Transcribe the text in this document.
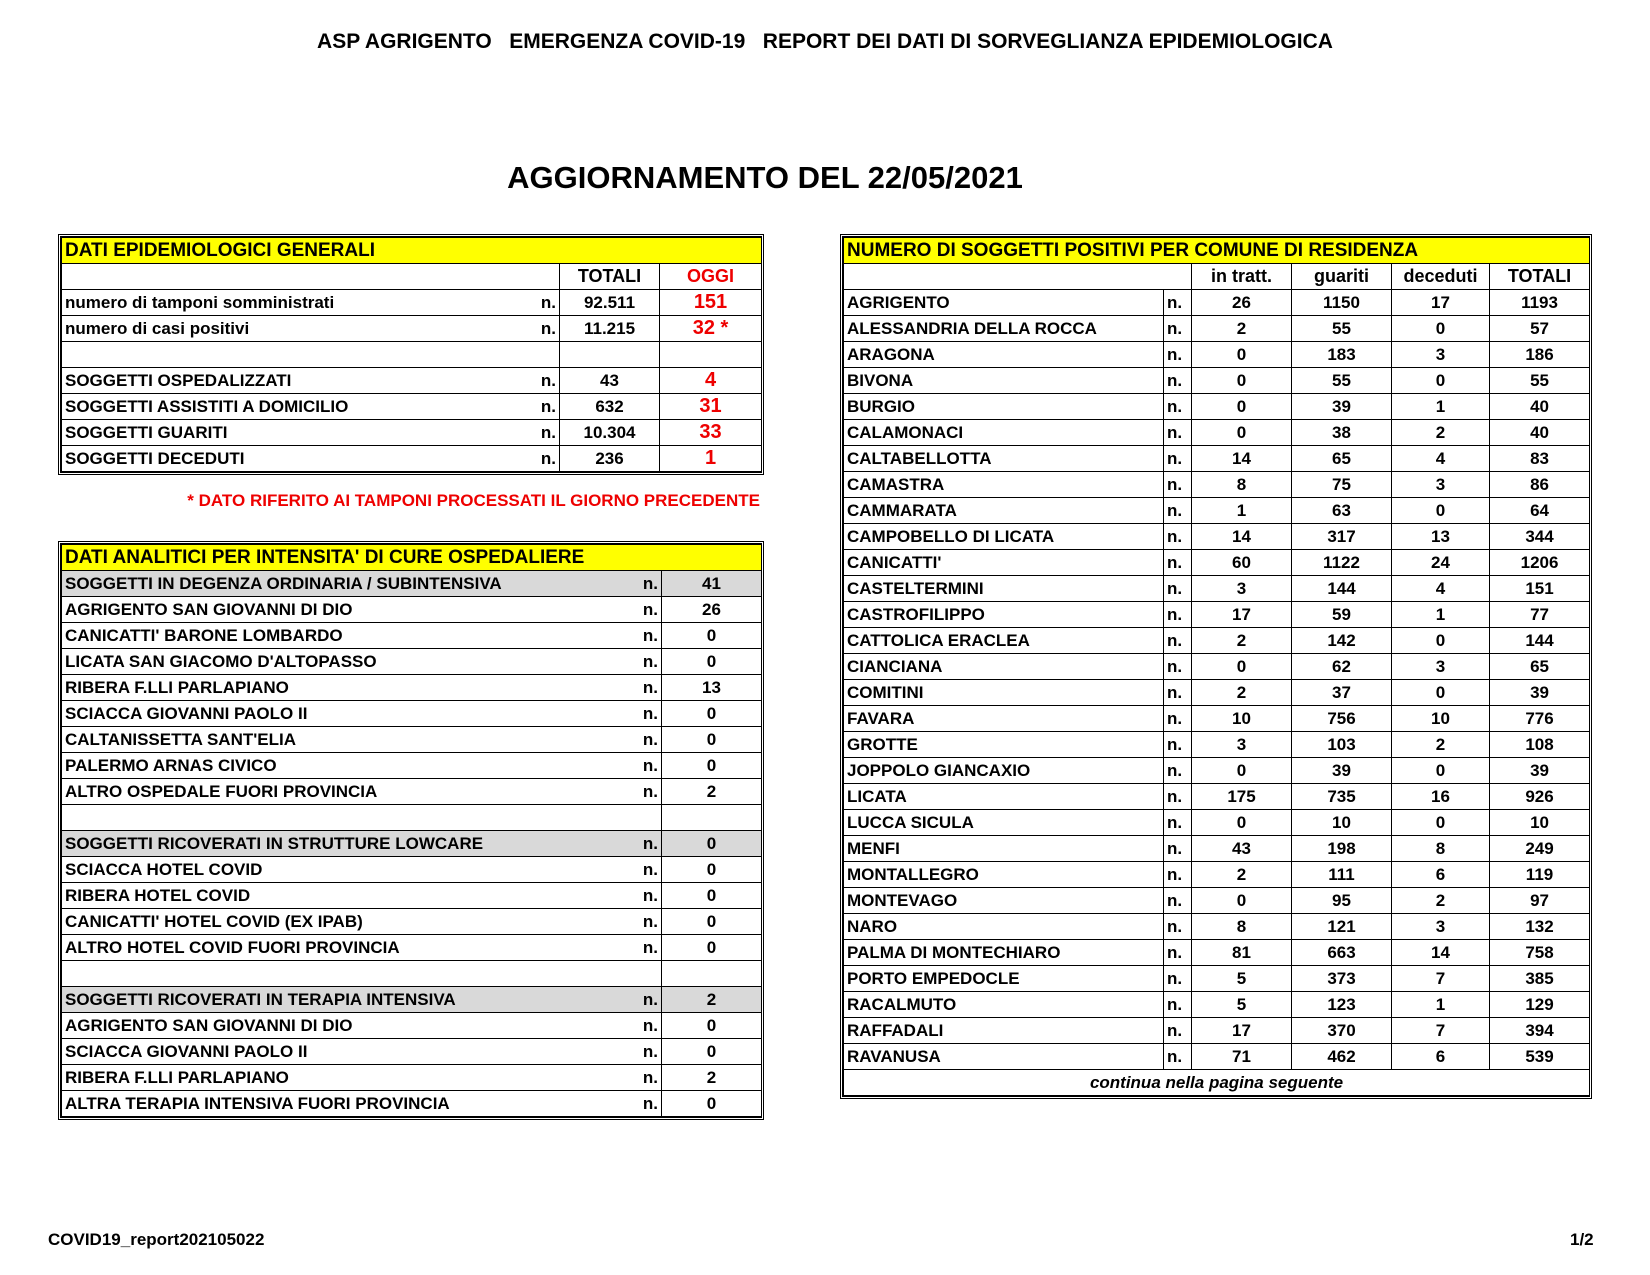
ASP AGRIGENTO   EMERGENZA COVID-19   REPORT DEI DATI DI SORVEGLIANZA EPIDEMIOLOGICA
AGGIORNAMENTO DEL 22/05/2021
DATI EPIDEMIOLOGICI GENERALI			
		TOTALI	OGGI
numero di tamponi somministrati	n.	92.511	151
numero di casi positivi	n.	11.215	32 *

SOGGETTI OSPEDALIZZATI	n.	43	4
SOGGETTI ASSISTITI A DOMICILIO	n.	632	31
SOGGETTI GUARITI	n.	10.304	33
SOGGETTI DECEDUTI	n.	236	1
* DATO RIFERITO AI TAMPONI PROCESSATI IL GIORNO PRECEDENTE
DATI ANALITICI PER INTENSITA' DI CURE OSPEDALIERE		
SOGGETTI IN DEGENZA ORDINARIA / SUBINTENSIVA	n.	41
AGRIGENTO SAN GIOVANNI DI DIO	n.	26
CANICATTI' BARONE LOMBARDO	n.	0
LICATA SAN GIACOMO D'ALTOPASSO	n.	0
RIBERA F.LLI PARLAPIANO	n.	13
SCIACCA GIOVANNI PAOLO II	n.	0
CALTANISSETTA SANT'ELIA	n.	0
PALERMO ARNAS CIVICO	n.	0
ALTRO OSPEDALE FUORI PROVINCIA	n.	2

SOGGETTI RICOVERATI IN STRUTTURE LOWCARE	n.	0
SCIACCA HOTEL COVID	n.	0
RIBERA HOTEL COVID	n.	0
CANICATTI' HOTEL COVID (EX IPAB)	n.	0
ALTRO HOTEL COVID FUORI PROVINCIA	n.	0

SOGGETTI RICOVERATI IN TERAPIA INTENSIVA	n.	2
AGRIGENTO SAN GIOVANNI DI DIO	n.	0
SCIACCA GIOVANNI PAOLO II	n.	0
RIBERA F.LLI PARLAPIANO	n.	2
ALTRA TERAPIA INTENSIVA FUORI PROVINCIA	n.	0
NUMERO DI SOGGETTI POSITIVI PER COMUNE DI RESIDENZA					
		in tratt.	guariti	deceduti	TOTALI
AGRIGENTO	n.	26	1150	17	1193
ALESSANDRIA DELLA ROCCA	n.	2	55	0	57
ARAGONA	n.	0	183	3	186
BIVONA	n.	0	55	0	55
BURGIO	n.	0	39	1	40
CALAMONACI	n.	0	38	2	40
CALTABELLOTTA	n.	14	65	4	83
CAMASTRA	n.	8	75	3	86
CAMMARATA	n.	1	63	0	64
CAMPOBELLO DI LICATA	n.	14	317	13	344
CANICATTI'	n.	60	1122	24	1206
CASTELTERMINI	n.	3	144	4	151
CASTROFILIPPO	n.	17	59	1	77
CATTOLICA ERACLEA	n.	2	142	0	144
CIANCIANA	n.	0	62	3	65
COMITINI	n.	2	37	0	39
FAVARA	n.	10	756	10	776
GROTTE	n.	3	103	2	108
JOPPOLO GIANCAXIO	n.	0	39	0	39
LICATA	n.	175	735	16	926
LUCCA SICULA	n.	0	10	0	10
MENFI	n.	43	198	8	249
MONTALLEGRO	n.	2	111	6	119
MONTEVAGO	n.	0	95	2	97
NARO	n.	8	121	3	132
PALMA DI MONTECHIARO	n.	81	663	14	758
PORTO EMPEDOCLE	n.	5	373	7	385
RACALMUTO	n.	5	123	1	129
RAFFADALI	n.	17	370	7	394
RAVANUSA	n.	71	462	6	539
continua nella pagina seguente					
COVID19_report202105022	1/2
